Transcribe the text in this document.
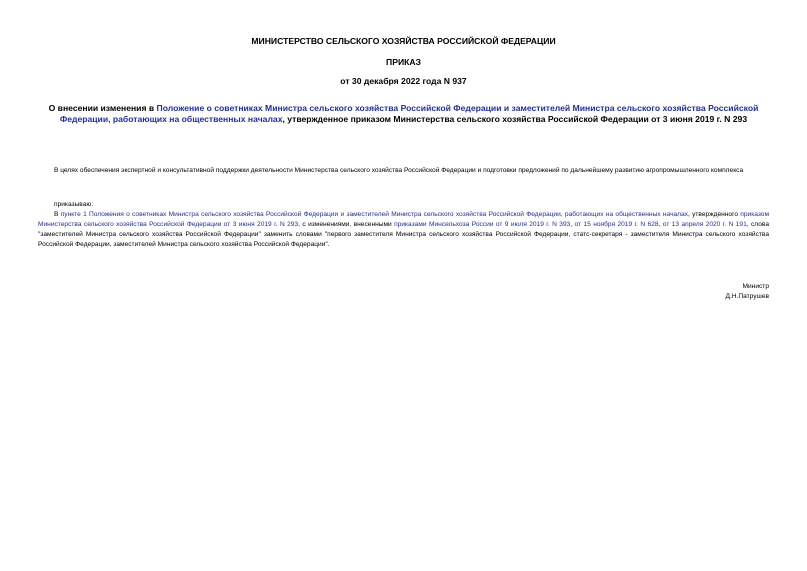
МИНИСТЕРСТВО СЕЛЬСКОГО ХОЗЯЙСТВА РОССИЙСКОЙ ФЕДЕРАЦИИ
ПРИКАЗ
от 30 декабря 2022 года N 937
О внесении изменения в Положение о советниках Министра сельского хозяйства Российской Федерации и заместителей Министра сельского хозяйства Российской Федерации, работающих на общественных началах, утвержденное приказом Министерства сельского хозяйства Российской Федерации от 3 июня 2019 г. N 293
В целях обеспечения экспертной и консультативной поддержки деятельности Министерства сельского хозяйства Российской Федерации и подготовки предложений по дальнейшему развитию агропромышленного комплекса
приказываю:
В пункте 1 Положения о советниках Министра сельского хозяйства Российской Федерации и заместителей Министра сельского хозяйства Российской Федерации, работающих на общественных началах, утвержденного приказом Министерства сельского хозяйства Российской Федерации от 3 июня 2019 г. N 293, с изменениями, внесенными приказами Минсельхоза России от 9 июля 2019 г. N 393, от 15 ноября 2019 г. N 628, от 13 апреля 2020 г. N 191, слова "заместителей Министра сельского хозяйства Российской Федерации" заменить словами "первого заместителя Министра сельского хозяйства Российской Федерации, статс-секретаря - заместителя Министра сельского хозяйства Российской Федерации, заместителей Министра сельского хозяйства Российской Федерации".
Министр
Д.Н.Патрушев
